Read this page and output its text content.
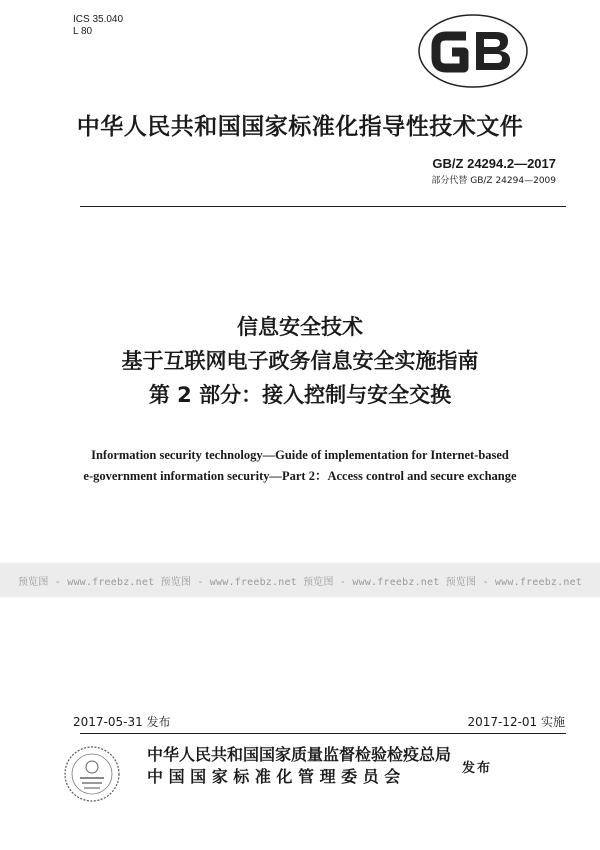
ICS 35.040
L 80
中华人民共和国国家标准化指导性技术文件
GB/Z 24294.2—2017
部分代替 GB/Z 24294—2009
信息安全技术
基于互联网电子政务信息安全实施指南
第 2 部分：接入控制与安全交换
Information security technology—Guide of implementation for Internet-based
e-government information security—Part 2：Access control and secure exchange
预览图 - www.freebz.net 预览图 - www.freebz.net 预览图 - www.freebz.net 预览图 - www.freebz.net
2017-05-31 发布	2017-12-01 实施
中华人民共和国国家质量监督检验检疫总局
中 国 国 家 标 准 化 管 理 委 员 会	发布
